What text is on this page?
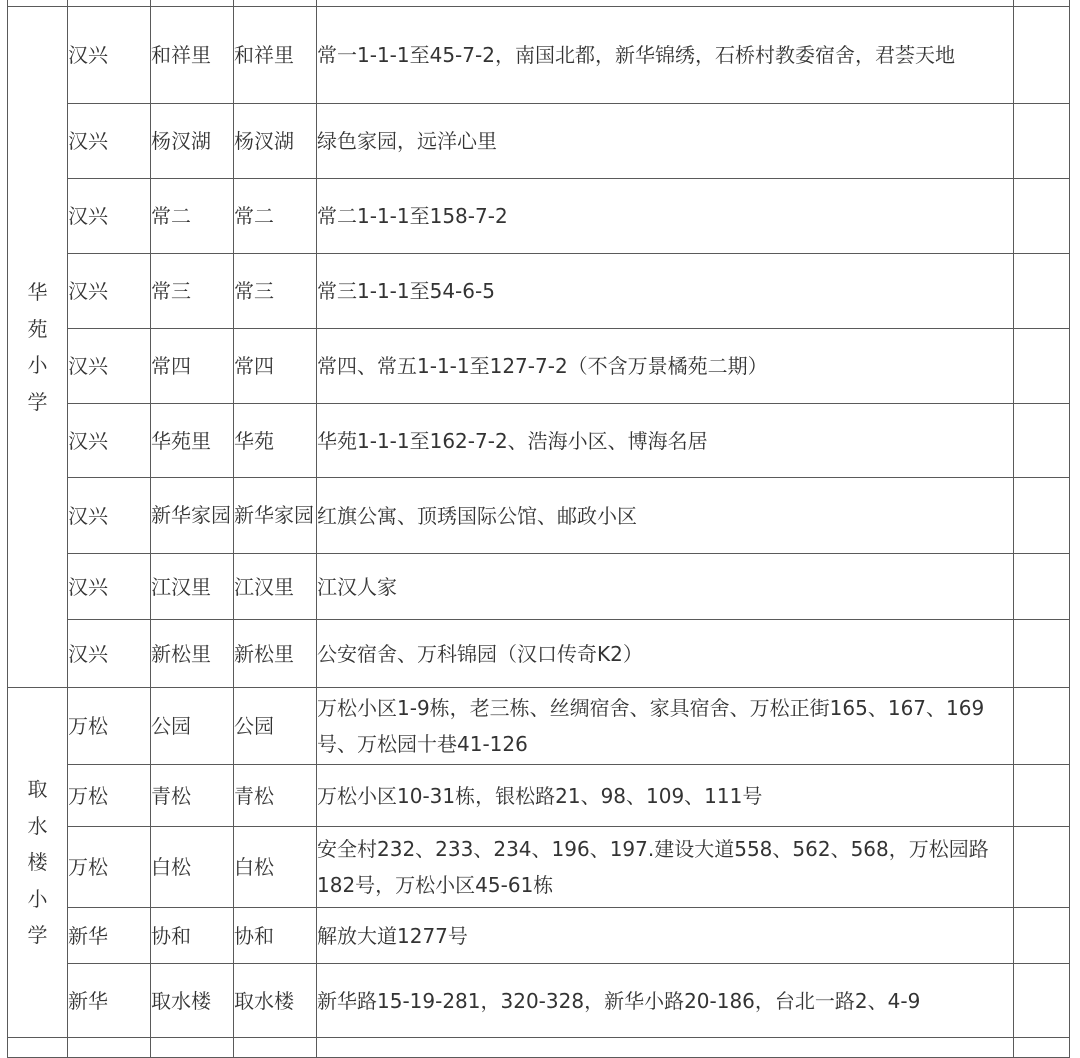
华
苑
小
学	汉兴	和祥里	和祥里	常一1-1-1至45-7-2，南国北都，新华锦绣，石桥村教委宿舍，君荟天地	
	汉兴	杨汊湖	杨汊湖	绿色家园，远洋心里	
	汉兴	常二	常二	常二1-1-1至158-7-2	
	汉兴	常三	常三	常三1-1-1至54-6-5	
	汉兴	常四	常四	常四、常五1-1-1至127-7-2（不含万景橘苑二期）	
	汉兴	华苑里	华苑	华苑1-1-1至162-7-2、浩海小区、博海名居	
	汉兴	新华家园	新华家园	红旗公寓、顶琇国际公馆、邮政小区	
	汉兴	江汉里	江汉里	江汉人家	
	汉兴	新松里	新松里	公安宿舍、万科锦园（汉口传奇K2）	

取
水
楼
小
学	万松	公园	公园	万松小区1-9栋，老三栋、丝绸宿舍、家具宿舍、万松正街165、167、169号、万松园十巷41-126	
	万松	青松	青松	万松小区10-31栋，银松路21、98、109、111号	
	万松	白松	白松	安全村232、233、234、196、197.建设大道558、562、568，万松园路182号，万松小区45-61栋	
	新华	协和	协和	解放大道1277号	
	新华	取水楼	取水楼	新华路15-19-281，320-328，新华小路20-186，台北一路2、4-9	
